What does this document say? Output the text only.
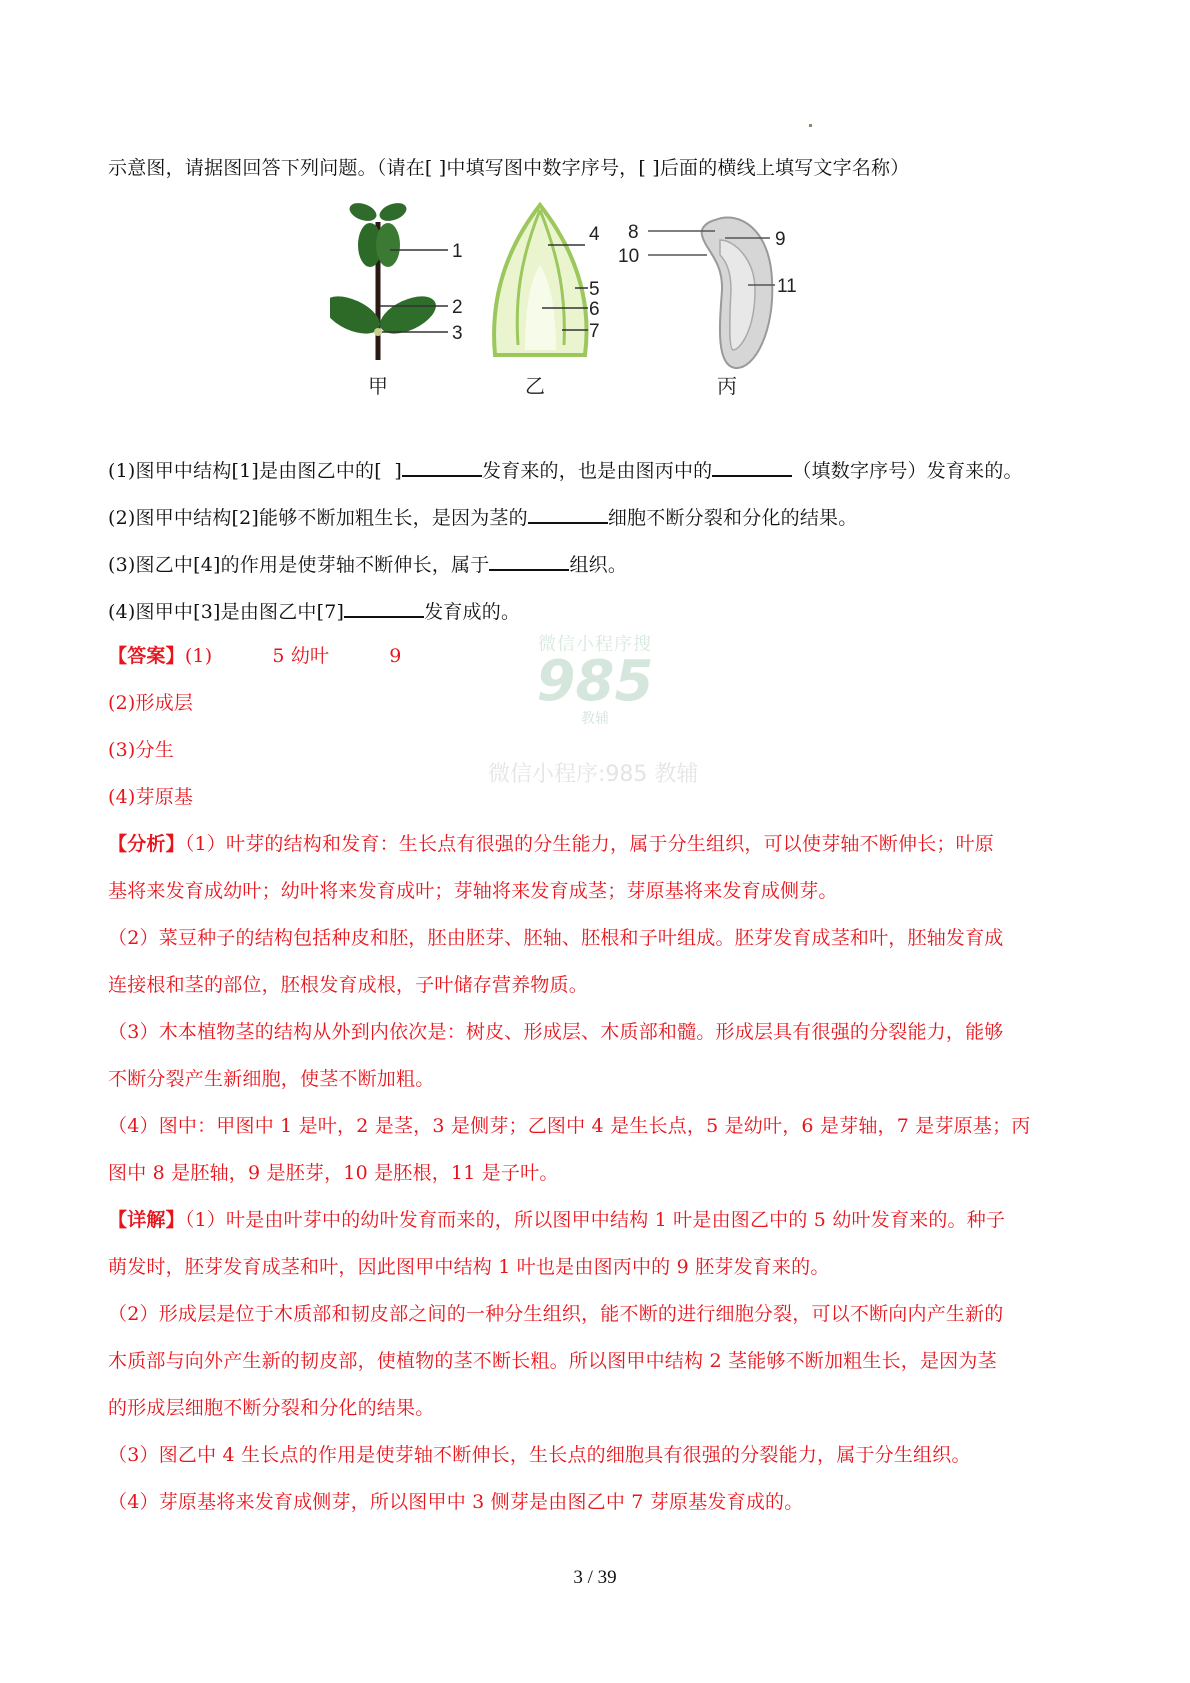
示意图，请据图回答下列问题。（请在[ ]中填写图中数字序号，[ ]后面的横线上填写文字名称）
1
2
3
4
5
6
7
8
10
9
11
甲	乙	丙
(1)图甲中结构[1]是由图乙中的[ ]	发育来的，也是由图丙中的	（填数字序号）发育来的。
(2)图甲中结构[2]能够不断加粗生长，是因为茎的	细胞不断分裂和分化的结果。
(3)图乙中[4]的作用是使芽轴不断伸长，属于	组织。
(4)图甲中[3]是由图乙中[7]	发育成的。
微信小程序搜
985
教辅
微信小程序:985 教辅
【答案】(1)	5 幼叶	9
(2)形成层
(3)分生
(4)芽原基
【分析】（1）叶芽的结构和发育：生长点有很强的分生能力，属于分生组织，可以使芽轴不断伸长；叶原
基将来发育成幼叶；幼叶将来发育成叶；芽轴将来发育成茎；芽原基将来发育成侧芽。
（2）菜豆种子的结构包括种皮和胚，胚由胚芽、胚轴、胚根和子叶组成。胚芽发育成茎和叶，胚轴发育成
连接根和茎的部位，胚根发育成根，子叶储存营养物质。
（3）木本植物茎的结构从外到内依次是：树皮、形成层、木质部和髓。形成层具有很强的分裂能力，能够
不断分裂产生新细胞，使茎不断加粗。
（4）图中：甲图中 1 是叶，2 是茎，3 是侧芽；乙图中 4 是生长点，5 是幼叶，6 是芽轴，7 是芽原基；丙
图中 8 是胚轴，9 是胚芽，10 是胚根，11 是子叶。
【详解】（1）叶是由叶芽中的幼叶发育而来的，所以图甲中结构 1 叶是由图乙中的 5 幼叶发育来的。种子
萌发时，胚芽发育成茎和叶，因此图甲中结构 1 叶也是由图丙中的 9 胚芽发育来的。
（2）形成层是位于木质部和韧皮部之间的一种分生组织，能不断的进行细胞分裂，可以不断向内产生新的
木质部与向外产生新的韧皮部，使植物的茎不断长粗。所以图甲中结构 2 茎能够不断加粗生长，是因为茎
的形成层细胞不断分裂和分化的结果。
（3）图乙中 4 生长点的作用是使芽轴不断伸长，生长点的细胞具有很强的分裂能力，属于分生组织。
（4）芽原基将来发育成侧芽，所以图甲中 3 侧芽是由图乙中 7 芽原基发育成的。
3 / 39
